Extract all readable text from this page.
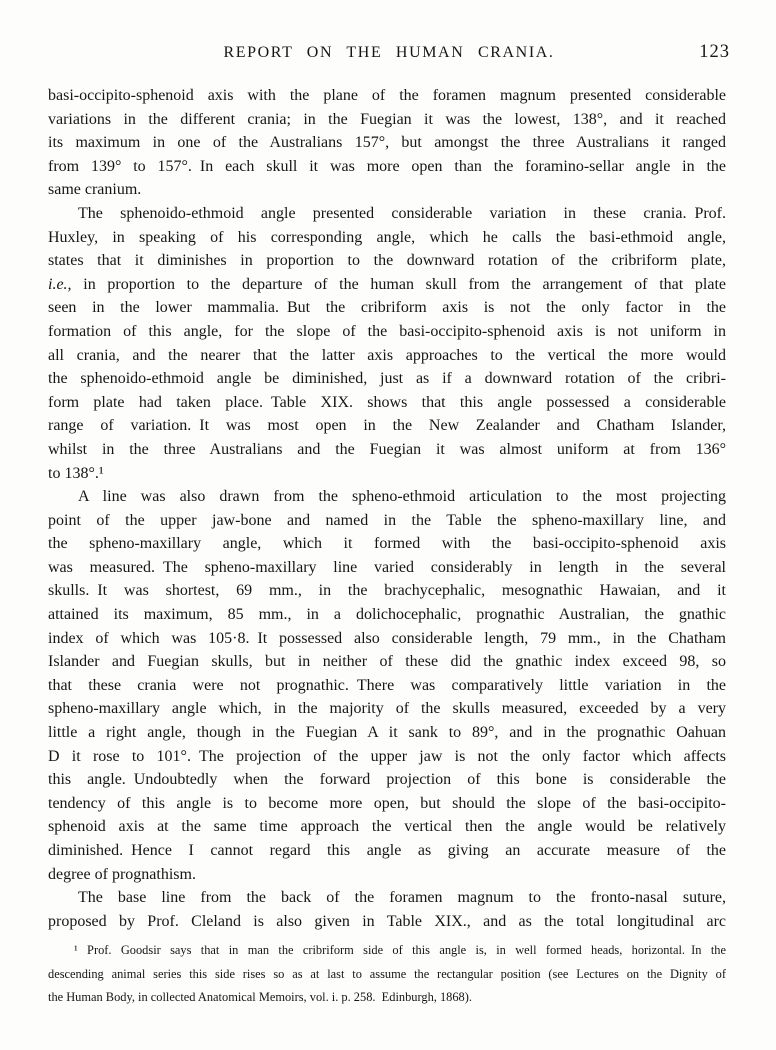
REPORT ON THE HUMAN CRANIA.	123
basi-occipito-sphenoid axis with the plane of the foramen magnum presented considerable
variations in the different crania; in the Fuegian it was the lowest, 138°, and it reached
its maximum in one of the Australians 157°, but amongst the three Australians it ranged
from 139° to 157°. In each skull it was more open than the foramino-sellar angle in the
same cranium.
The sphenoido-ethmoid angle presented considerable variation in these crania. Prof.
Huxley, in speaking of his corresponding angle, which he calls the basi-ethmoid angle,
states that it diminishes in proportion to the downward rotation of the cribriform plate,
i.e., in proportion to the departure of the human skull from the arrangement of that plate
seen in the lower mammalia. But the cribriform axis is not the only factor in the
formation of this angle, for the slope of the basi-occipito-sphenoid axis is not uniform in
all crania, and the nearer that the latter axis approaches to the vertical the more would
the sphenoido-ethmoid angle be diminished, just as if a downward rotation of the cribri-
form plate had taken place. Table XIX. shows that this angle possessed a considerable
range of variation. It was most open in the New Zealander and Chatham Islander,
whilst in the three Australians and the Fuegian it was almost uniform at from 136°
to 138°.¹
A line was also drawn from the spheno-ethmoid articulation to the most projecting
point of the upper jaw-bone and named in the Table the spheno-maxillary line, and
the spheno-maxillary angle, which it formed with the basi-occipito-sphenoid axis
was measured. The spheno-maxillary line varied considerably in length in the several
skulls. It was shortest, 69 mm., in the brachycephalic, mesognathic Hawaian, and it
attained its maximum, 85 mm., in a dolichocephalic, prognathic Australian, the gnathic
index of which was 105·8. It possessed also considerable length, 79 mm., in the Chatham
Islander and Fuegian skulls, but in neither of these did the gnathic index exceed 98, so
that these crania were not prognathic. There was comparatively little variation in the
spheno-maxillary angle which, in the majority of the skulls measured, exceeded by a very
little a right angle, though in the Fuegian A it sank to 89°, and in the prognathic Oahuan
D it rose to 101°. The projection of the upper jaw is not the only factor which affects
this angle. Undoubtedly when the forward projection of this bone is considerable the
tendency of this angle is to become more open, but should the slope of the basi-occipito-
sphenoid axis at the same time approach the vertical then the angle would be relatively
diminished. Hence I cannot regard this angle as giving an accurate measure of the
degree of prognathism.
The base line from the back of the foramen magnum to the fronto-nasal suture,
proposed by Prof. Cleland is also given in Table XIX., and as the total longitudinal arc
¹ Prof. Goodsir says that in man the cribriform side of this angle is, in well formed heads, horizontal. In the
descending animal series this side rises so as at last to assume the rectangular position (see Lectures on the Dignity of
the Human Body, in collected Anatomical Memoirs, vol. i. p. 258. Edinburgh, 1868).
